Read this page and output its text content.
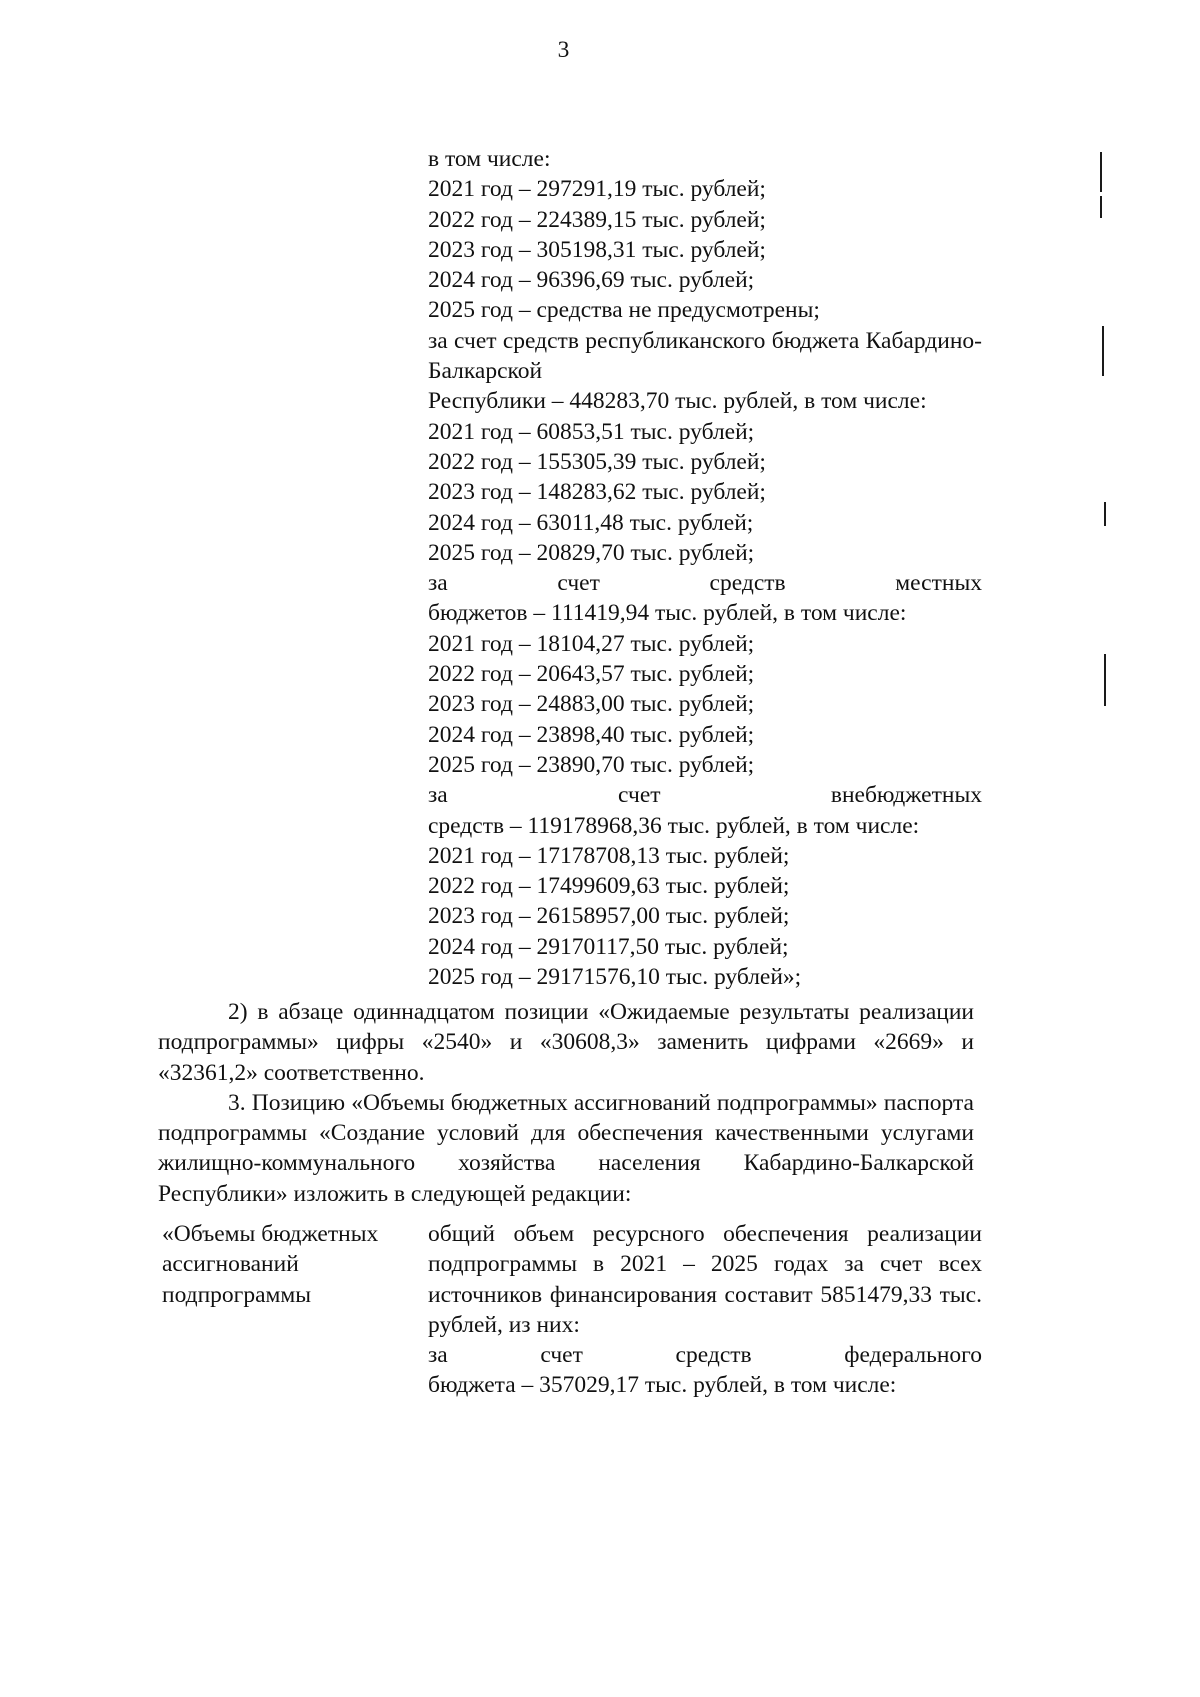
3
в том числе:
2021 год – 297291,19 тыс. рублей;
2022 год – 224389,15 тыс. рублей;
2023 год – 305198,31 тыс. рублей;
2024 год – 96396,69 тыс. рублей;
2025 год – средства не предусмотрены;
за счет средств республиканского бюджета Кабардино-Балкарской
Республики – 448283,70 тыс. рублей, в том числе:
2021 год – 60853,51 тыс. рублей;
2022 год – 155305,39 тыс. рублей;
2023 год – 148283,62 тыс. рублей;
2024 год – 63011,48 тыс. рублей;
2025 год – 20829,70 тыс. рублей;
за счет средств местных
бюджетов – 111419,94 тыс. рублей, в том числе:
2021 год – 18104,27 тыс. рублей;
2022 год – 20643,57 тыс. рублей;
2023 год – 24883,00 тыс. рублей;
2024 год – 23898,40 тыс. рублей;
2025 год – 23890,70 тыс. рублей;
за счет внебюджетных
средств – 119178968,36 тыс. рублей, в том числе:
2021 год – 17178708,13 тыс. рублей;
2022 год – 17499609,63 тыс. рублей;
2023 год – 26158957,00 тыс. рублей;
2024 год – 29170117,50 тыс. рублей;
2025 год – 29171576,10 тыс. рублей»;

2) в абзаце одиннадцатом позиции «Ожидаемые результаты реализации подпрограммы» цифры «2540» и «30608,3» заменить цифрами «2669» и «32361,2» соответственно.

3. Позицию «Объемы бюджетных ассигнований подпрограммы» паспорта подпрограммы «Создание условий для обеспечения качественными услугами жилищно-коммунального хозяйства населения Кабардино-Балкарской Республики» изложить в следующей редакции:

«Объемы бюджетных ассигнований подпрограммы

общий объем ресурсного обеспечения реализации подпрограммы в 2021 – 2025 годах за счет всех источников финансирования составит 5851479,33 тыс. рублей, из них:

за счет средств федерального
бюджета – 357029,17 тыс. рублей, в том числе:
